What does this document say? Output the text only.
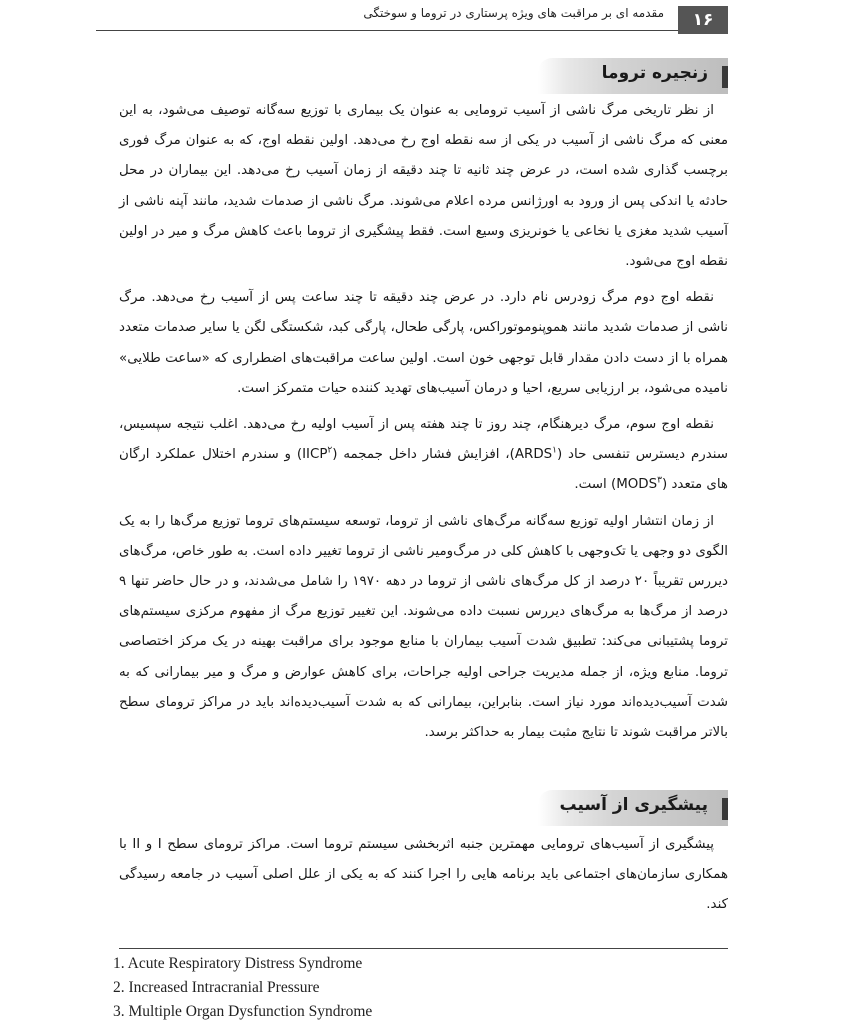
۱۶
مقدمه ای بر مراقبت های ویژه پرستاری در تروما و سوختگی
زنجیره تروما

از نظر تاریخی مرگ ناشی از آسیب ترومایی به عنوان یک بیماری با توزیع سه‌گانه توصیف می‌شود، به این معنی که مرگ ناشی از آسیب در یکی از سه نقطه اوج رخ می‌دهد. اولین نقطه اوج، که به عنوان مرگ فوری برچسب گذاری شده است، در عرض چند ثانیه تا چند دقیقه از زمان آسیب رخ می‌دهد. این بیماران در محل حادثه یا اندکی پس از ورود به اورژانس مرده اعلام می‌شوند. مرگ ناشی از صدمات شدید، مانند آپنه ناشی از آسیب شدید مغزی یا نخاعی یا خونریزی وسیع است. فقط پیشگیری از تروما باعث کاهش مرگ و میر در اولین نقطه اوج می‌شود.

نقطه اوج دوم مرگ زودرس نام دارد. در عرض چند دقیقه تا چند ساعت پس از آسیب رخ می‌دهد. مرگ ناشی از صدمات شدید مانند هموپنوموتوراکس، پارگی طحال، پارگی کبد، شکستگی لگن یا سایر صدمات متعدد همراه با از دست دادن مقدار قابل توجهی خون است. اولین ساعت مراقبت‌های اضطراری که «ساعت طلایی» نامیده می‌شود، بر ارزیابی سریع، احیا و درمان آسیب‌های تهدید کننده حیات متمرکز است.

نقطه اوج سوم، مرگ دیرهنگام، چند روز تا چند هفته پس از آسیب اولیه رخ می‌دهد. اغلب نتیجه سپسیس، سندرم دیسترس تنفسی حاد (ARDS$^۱$)، افزایش فشار داخل جمجمه (IICP$^۲$) و سندرم اختلال عملکرد ارگان های متعدد (MODS$^۳$) است.

از زمان انتشار اولیه توزیع سه‌گانه مرگ‌های ناشی از تروما، توسعه سیستم‌های تروما توزیع مرگ‌ها را به یک الگوی دو وجهی یا تک‌وجهی با کاهش کلی در مرگ‌ومیر ناشی از تروما تغییر داده است. به طور خاص، مرگ‌های دیررس تقریباً ۲۰ درصد از کل مرگ‌های ناشی از تروما در دهه ۱۹۷۰ را شامل می‌شدند، و در حال حاضر تنها ۹ درصد از مرگ‌ها به مرگ‌های دیررس نسبت داده می‌شوند. این تغییر توزیع مرگ از مفهوم مرکزی سیستم‌های تروما پشتیبانی می‌کند: تطبیق شدت آسیب بیماران با منابع موجود برای مراقبت بهینه در یک مرکز اختصاصی تروما. منابع ویژه، از جمله مدیریت جراحی اولیه جراحات، برای کاهش عوارض و مرگ و میر بیمارانی که به شدت آسیب‌دیده‌اند مورد نیاز است. بنابراین، بیمارانی که به شدت آسیب‌دیده‌اند باید در مراکز ترومای سطح بالاتر مراقبت شوند تا نتایج مثبت بیمار به حداکثر برسد.

پیشگیری از آسیب

پیشگیری از آسیب‌های ترومایی مهمترین جنبه اثربخشی سیستم تروما است. مراکز ترومای سطح I و II با همکاری سازمان‌های اجتماعی باید برنامه هایی را اجرا کنند که به یکی از علل اصلی آسیب در جامعه رسیدگی کند.

1. Acute Respiratory Distress Syndrome
2. Increased Intracranial Pressure
3. Multiple Organ Dysfunction Syndrome
